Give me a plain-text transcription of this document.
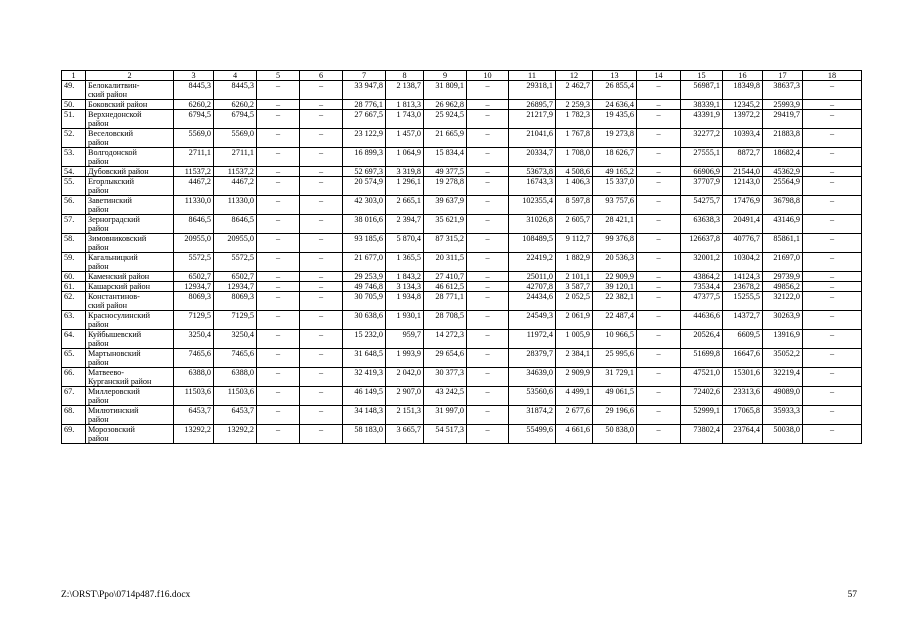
1	2	3	4	5	6	7	8	9	10	11	12	13	14	15	16	17	18
49.	Белокалитвин-
ский район	8445,3	8445,3	–	–	33 947,8	2 138,7	31 809,1	–	29318,1	2 462,7	26 855,4	–	56987,1	18349,8	38637,3	–
50.	Боковский район	6260,2	6260,2	–	–	28 776,1	1 813,3	26 962,8	–	26895,7	2 259,3	24 636,4	–	38339,1	12345,2	25993,9	–
51.	Верхнедонской
район	6794,5	6794,5	–	–	27 667,5	1 743,0	25 924,5	–	21217,9	1 782,3	19 435,6	–	43391,9	13972,2	29419,7	–
52.	Веселовский
район	5569,0	5569,0	–	–	23 122,9	1 457,0	21 665,9	–	21041,6	1 767,8	19 273,8	–	32277,2	10393,4	21883,8	–
53.	Волгодонской
район	2711,1	2711,1	–	–	16 899,3	1 064,9	15 834,4	–	20334,7	1 708,0	18 626,7	–	27555,1	8872,7	18682,4	–
54.	Дубовский район	11537,2	11537,2	–	–	52 697,3	3 319,8	49 377,5	–	53673,8	4 508,6	49 165,2	–	66906,9	21544,0	45362,9	–
55.	Егорлыкский
район	4467,2	4467,2	–	–	20 574,9	1 296,1	19 278,8	–	16743,3	1 406,3	15 337,0	–	37707,9	12143,0	25564,9	–
56.	Заветинский
район	11330,0	11330,0	–	–	42 303,0	2 665,1	39 637,9	–	102355,4	8 597,8	93 757,6	–	54275,7	17476,9	36798,8	–
57.	Зерноградский
район	8646,5	8646,5	–	–	38 016,6	2 394,7	35 621,9	–	31026,8	2 605,7	28 421,1	–	63638,3	20491,4	43146,9	–
58.	Зимовниковский
район	20955,0	20955,0	–	–	93 185,6	5 870,4	87 315,2	–	108489,5	9 112,7	99 376,8	–	126637,8	40776,7	85861,1	–
59.	Кагальницкий
район	5572,5	5572,5	–	–	21 677,0	1 365,5	20 311,5	–	22419,2	1 882,9	20 536,3	–	32001,2	10304,2	21697,0	–
60.	Каменский район	6502,7	6502,7	–	–	29 253,9	1 843,2	27 410,7	–	25011,0	2 101,1	22 909,9	–	43864,2	14124,3	29739,9	–
61.	Кашарский район	12934,7	12934,7	–	–	49 746,8	3 134,3	46 612,5	–	42707,8	3 587,7	39 120,1	–	73534,4	23678,2	49856,2	–
62.	Константинов-
ский район	8069,3	8069,3	–	–	30 705,9	1 934,8	28 771,1	–	24434,6	2 052,5	22 382,1	–	47377,5	15255,5	32122,0	–
63.	Красносулинский
район	7129,5	7129,5	–	–	30 638,6	1 930,1	28 708,5	–	24549,3	2 061,9	22 487,4	–	44636,6	14372,7	30263,9	–
64.	Куйбышевский
район	3250,4	3250,4	–	–	15 232,0	959,7	14 272,3	–	11972,4	1 005,9	10 966,5	–	20526,4	6609,5	13916,9	–
65.	Мартыновский
район	7465,6	7465,6	–	–	31 648,5	1 993,9	29 654,6	–	28379,7	2 384,1	25 995,6	–	51699,8	16647,6	35052,2	–
66.	Матвеево-
Курганский район	6388,0	6388,0	–	–	32 419,3	2 042,0	30 377,3	–	34639,0	2 909,9	31 729,1	–	47521,0	15301,6	32219,4	–
67.	Миллеровский
район	11503,6	11503,6	–	–	46 149,5	2 907,0	43 242,5	–	53560,6	4 499,1	49 061,5	–	72402,6	23313,6	49089,0	–
68.	Милютинский
район	6453,7	6453,7	–	–	34 148,3	2 151,3	31 997,0	–	31874,2	2 677,6	29 196,6	–	52999,1	17065,8	35933,3	–
69.	Морозовский
район	13292,2	13292,2	–	–	58 183,0	3 665,7	54 517,3	–	55499,6	4 661,6	50 838,0	–	73802,4	23764,4	50038,0	–
Z:\ORST\Ppo\0714p487.f16.docx	57
